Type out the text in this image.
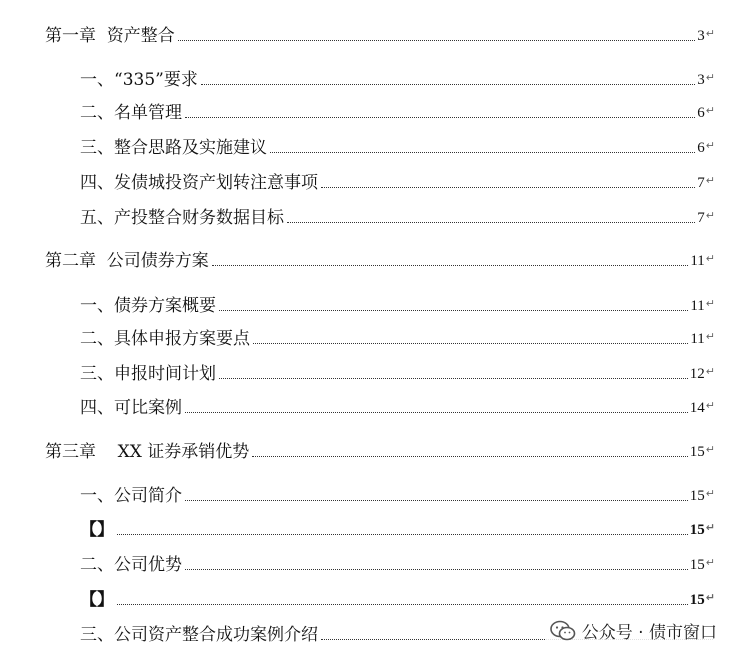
第一章  资产整合	3 ↵
一、“335”要求	3 ↵
二、名单管理	6 ↵
三、整合思路及实施建议	6 ↵
四、发债城投资产划转注意事项	7 ↵
五、产投整合财务数据目标	7 ↵
第二章  公司债券方案	11 ↵
一、债券方案概要	11 ↵
二、具体申报方案要点	11 ↵
三、申报时间计划	12 ↵
四、可比案例	14 ↵
第三章    XX 证券承销优势	15 ↵
一、公司简介	15 ↵
【】	15 ↵
二、公司优势	15 ↵
【】	15 ↵
三、公司资产整合成功案例介绍	公众号 · 债市窗口
